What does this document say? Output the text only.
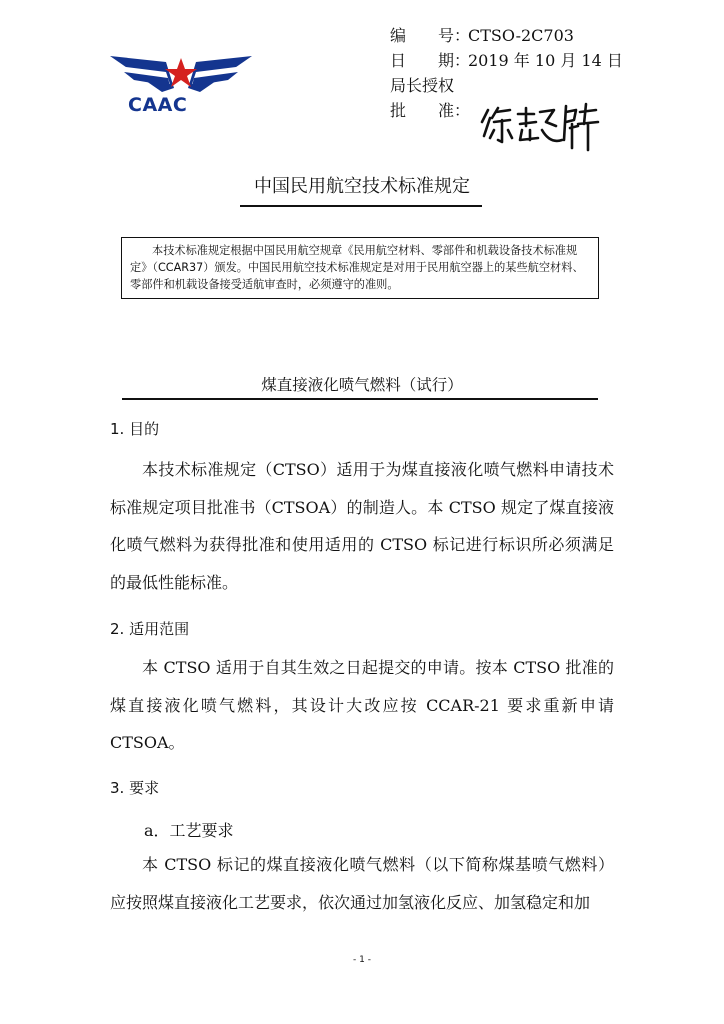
CAAC
编　　号：CTSO-2C703
日　　期：2019 年 10 月 14 日
局长授权
批　　准：
中国民用航空技术标准规定
本技术标准规定根据中国民用航空规章《民用航空材料、零部件和机载设备技术标准规定》（CCAR37）颁发。中国民用航空技术标准规定是对用于民用航空器上的某些航空材料、零部件和机载设备接受适航审查时，必须遵守的准则。
煤直接液化喷气燃料（试行）
1. 目的
本技术标准规定（CTSO）适用于为煤直接液化喷气燃料申请技术标准规定项目批准书（CTSOA）的制造人。本 CTSO 规定了煤直接液化喷气燃料为获得批准和使用适用的 CTSO 标记进行标识所必须满足的最低性能标准。
2. 适用范围
本 CTSO 适用于自其生效之日起提交的申请。按本 CTSO 批准的煤直接液化喷气燃料，其设计大改应按 CCAR-21 要求重新申请 CTSOA。
3. 要求
a．工艺要求
本 CTSO 标记的煤直接液化喷气燃料（以下简称煤基喷气燃料）应按照煤直接液化工艺要求，依次通过加氢液化反应、加氢稳定和加
- 1 -
